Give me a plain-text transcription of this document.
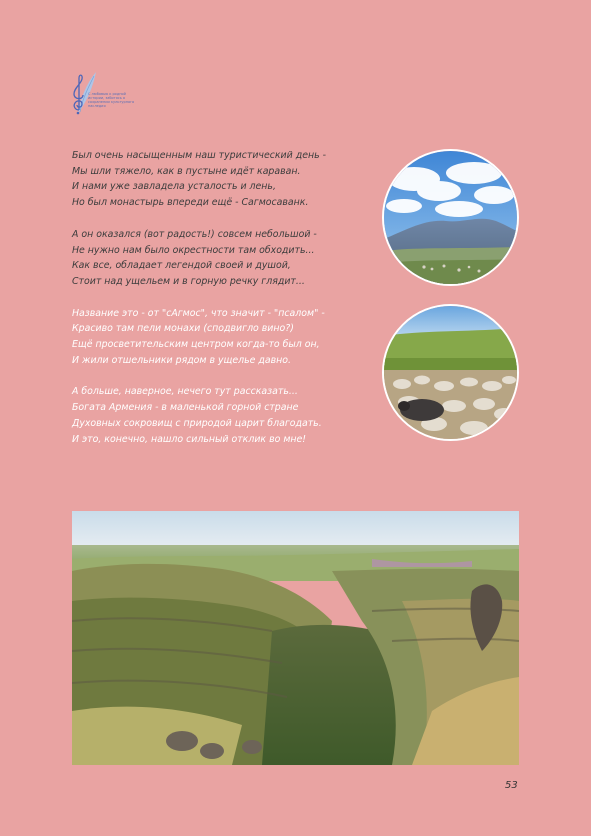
С любовью к родной истории, заботясь о сохранении культурного наследия
Был очень насыщенным наш туристический день -
Мы шли тяжело, как в пустыне идёт караван.
И нами уже завладела усталость и лень,
Но был монастырь впереди ещё - Сагмосаванк.
А он оказался (вот радость!) совсем небольшой -
Не нужно нам было окрестности там обходить...
Как все, обладает легендой своей и душой,
Стоит над ущельем и в горную речку глядит...
Название это - от "сАгмос", что значит - "псалом" -
Красиво там пели монахи (сподвигло вино?)
Ещё просветительским центром когда-то был он,
И жили отшельники рядом в ущелье давно.
А больше, наверное, нечего тут рассказать...
Богата Армения - в маленькой горной стране
Духовных сокровищ с природой царит благодать.
И это, конечно, нашло сильный отклик во мне!
53
